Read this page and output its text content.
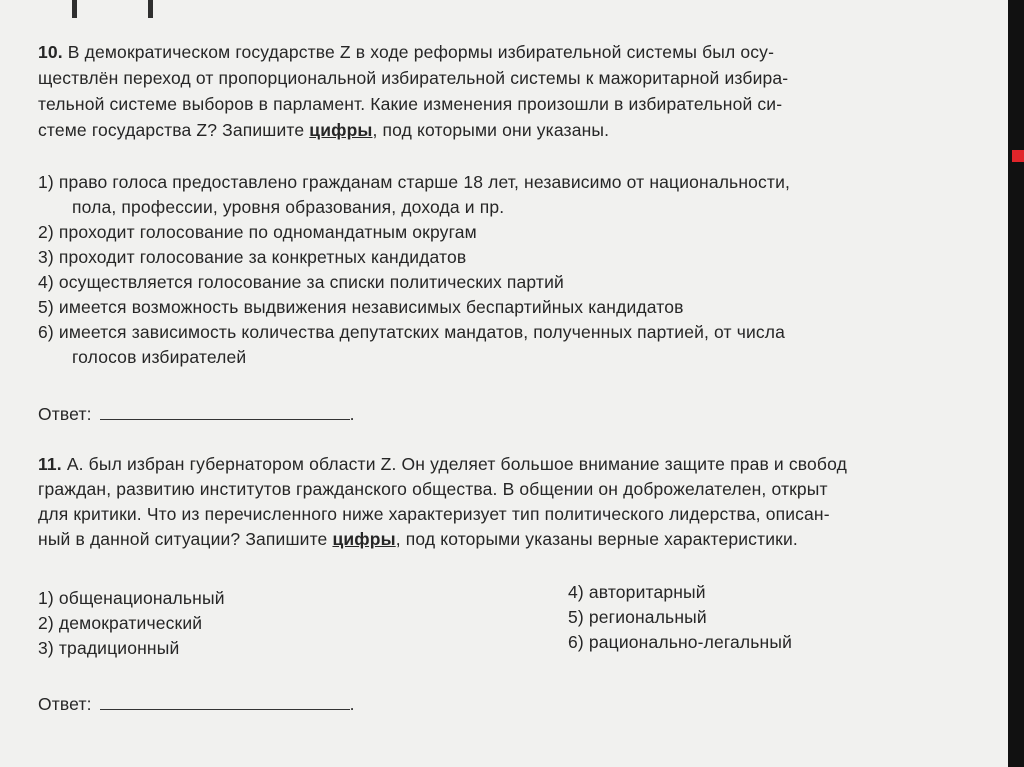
10. В демократическом государстве Z в ходе реформы избирательной системы был осу-
ществлён переход от пропорциональной избирательной системы к мажоритарной избира-
тельной системе выборов в парламент. Какие изменения произошли в избирательной си-
стеме государства Z? Запишите цифры, под которыми они указаны.
1) право голоса предоставлено гражданам старше 18 лет, независимо от национальности,
пола, профессии, уровня образования, дохода и пр.
2) проходит голосование по одномандатным округам
3) проходит голосование за конкретных кандидатов
4) осуществляется голосование за списки политических партий
5) имеется возможность выдвижения независимых беспартийных кандидатов
6) имеется зависимость количества депутатских мандатов, полученных партией, от числа
голосов избирателей
Ответ:	.
11. А. был избран губернатором области Z. Он уделяет большое внимание защите прав и свобод
граждан, развитию институтов гражданского общества. В общении он доброжелателен, открыт
для критики. Что из перечисленного ниже характеризует тип политического лидерства, описан-
ный в данной ситуации? Запишите цифры, под которыми указаны верные характеристики.
1) общенациональный
2) демократический
3) традиционный
4) авторитарный
5) региональный
6) рационально-легальный
Ответ:	.
